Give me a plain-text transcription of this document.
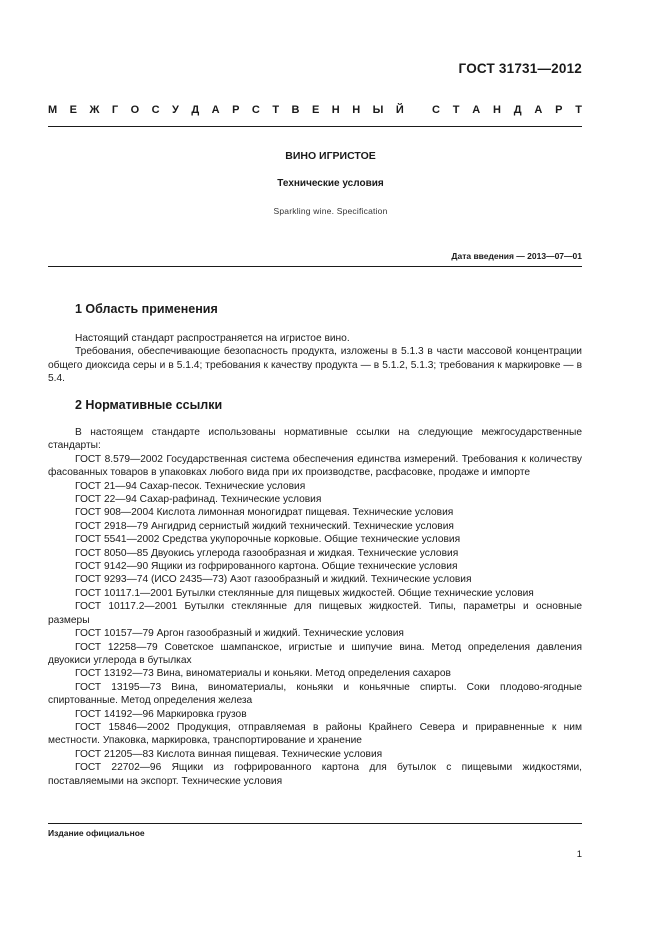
ГОСТ 31731—2012
М Е Ж Г О С У Д А Р С Т В Е Н Н Ы Й	С Т А Н Д А Р Т
ВИНО ИГРИСТОЕ
Технические условия
Sparkling wine. Specification
Дата введения — 2013—07—01
1 Область применения

Настоящий стандарт распространяется на игристое вино.

Требования, обеспечивающие безопасность продукта, изложены в 5.1.3 в части массовой концентрации общего диоксида серы и в 5.1.4; требования к качеству продукта — в 5.1.2, 5.1.3; требования к маркировке — в 5.4.

2 Нормативные ссылки

В настоящем стандарте использованы нормативные ссылки на следующие межгосударственные стандарты:

ГОСТ 8.579—2002 Государственная система обеспечения единства измерений. Требования к количеству фасованных товаров в упаковках любого вида при их производстве, расфасовке, продаже и импорте

ГОСТ 21—94 Сахар-песок. Технические условия

ГОСТ 22—94 Сахар-рафинад. Технические условия

ГОСТ 908—2004 Кислота лимонная моногидрат пищевая. Технические условия

ГОСТ 2918—79 Ангидрид сернистый жидкий технический. Технические условия

ГОСТ 5541—2002 Средства укупорочные корковые. Общие технические условия

ГОСТ 8050—85 Двуокись углерода газообразная и жидкая. Технические условия

ГОСТ 9142—90 Ящики из гофрированного картона. Общие технические условия

ГОСТ 9293—74 (ИСО 2435—73) Азот газообразный и жидкий. Технические условия

ГОСТ 10117.1—2001 Бутылки стеклянные для пищевых жидкостей. Общие технические условия

ГОСТ 10117.2—2001 Бутылки стеклянные для пищевых жидкостей. Типы, параметры и основные размеры

ГОСТ 10157—79 Аргон газообразный и жидкий. Технические условия

ГОСТ 12258—79 Советское шампанское, игристые и шипучие вина. Метод определения давления двуокиси углерода в бутылках

ГОСТ 13192—73 Вина, виноматериалы и коньяки. Метод определения сахаров

ГОСТ 13195—73 Вина, виноматериалы, коньяки и коньячные спирты. Соки плодово-ягодные спиртованные. Метод определения железа

ГОСТ 14192—96 Маркировка грузов

ГОСТ 15846—2002 Продукция, отправляемая в районы Крайнего Севера и приравненные к ним местности. Упаковка, маркировка, транспортирование и хранение

ГОСТ 21205—83 Кислота винная пищевая. Технические условия

ГОСТ 22702—96 Ящики из гофрированного картона для бутылок с пищевыми жидкостями, поставляемыми на экспорт. Технические условия

Издание официальное
1
